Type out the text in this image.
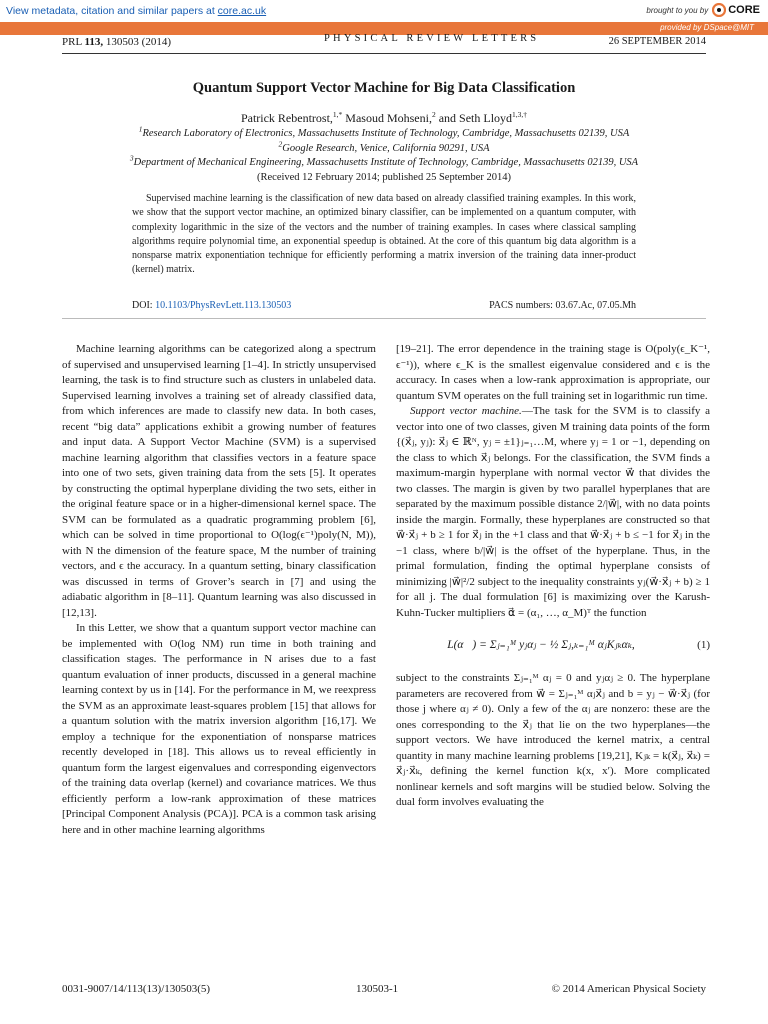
View metadata, citation and similar papers at core.ac.uk	brought to you by CORE
provided by DSpace@MIT
PRL 113, 130503 (2014)	PHYSICAL REVIEW LETTERS	26 SEPTEMBER 2014
Quantum Support Vector Machine for Big Data Classification
Patrick Rebentrost,$^{1,*}$ Masoud Mohseni,$^2$ and Seth Lloyd$^{1,3,\dagger}$
$^1$Research Laboratory of Electronics, Massachusetts Institute of Technology, Cambridge, Massachusetts 02139, USA
$^2$Google Research, Venice, California 90291, USA
$^3$Department of Mechanical Engineering, Massachusetts Institute of Technology, Cambridge, Massachusetts 02139, USA
(Received 12 February 2014; published 25 September 2014)
Supervised machine learning is the classification of new data based on already classified training examples. In this work, we show that the support vector machine, an optimized binary classifier, can be implemented on a quantum computer, with complexity logarithmic in the size of the vectors and the number of training examples. In cases where classical sampling algorithms require polynomial time, an exponential speedup is obtained. At the core of this quantum big data algorithm is a nonsparse matrix exponentiation technique for efficiently performing a matrix inversion of the training data inner-product (kernel) matrix.
DOI: 10.1103/PhysRevLett.113.130503	PACS numbers: 03.67.Ac, 07.05.Mh

Machine learning algorithms can be categorized along a spectrum of supervised and unsupervised learning [1–4]. In strictly unsupervised learning, the task is to find structure such as clusters in unlabeled data. Supervised learning involves a training set of already classified data, from which inferences are made to classify new data. In both cases, recent “big data” applications exhibit a growing number of features and input data. A Support Vector Machine (SVM) is a supervised machine learning algorithm that classifies vectors in a feature space into one of two sets, given training data from the sets [5]. It operates by constructing the optimal hyperplane dividing the two sets, either in the original feature space or in a higher-dimensional kernel space. The SVM can be formulated as a quadratic programming problem [6], which can be solved in time proportional to O(log(ϵ⁻¹)poly(N, M)), with N the dimension of the feature space, M the number of training vectors, and ϵ the accuracy. In a quantum setting, binary classification was discussed in terms of Grover’s search in [7] and using the adiabatic algorithm in [8–11]. Quantum learning was also discussed in [12,13].

In this Letter, we show that a quantum support vector machine can be implemented with O(log NM) run time in both training and classification stages. The performance in N arises due to a fast quantum evaluation of inner products, discussed in a general machine learning context by us in [14]. For the performance in M, we reexpress the SVM as an approximate least-squares problem [15] that allows for a quantum solution with the matrix inversion algorithm [16,17]. We employ a technique for the exponentiation of nonsparse matrices recently developed in [18]. This allows us to reveal efficiently in quantum form the largest eigenvalues and corresponding eigenvectors of the training data overlap (kernel) and covariance matrices. We thus efficiently perform a low-rank approximation of these matrices [Principal Component Analysis (PCA)]. PCA is a common task arising here and in other machine learning algorithms

[19–21]. The error dependence in the training stage is O(poly(ϵ_K⁻¹, ϵ⁻¹)), where ϵ_K is the smallest eigenvalue considered and ϵ is the accuracy. In cases when a low-rank approximation is appropriate, our quantum SVM operates on the full training set in logarithmic run time.

Support vector machine.—The task for the SVM is to classify a vector into one of two classes, given M training data points of the form {(x⃗ⱼ, yⱼ): x⃗ⱼ ∈ ℝᴺ, yⱼ = ±1}ⱼ₌₁…M, where yⱼ = 1 or −1, depending on the class to which x⃗ⱼ belongs. For the classification, the SVM finds a maximum-margin hyperplane with normal vector w⃗ that divides the two classes. The margin is given by two parallel hyperplanes that are separated by the maximum possible distance 2/|w⃗|, with no data points inside the margin. Formally, these hyperplanes are constructed so that w⃗·x⃗ⱼ + b ≥ 1 for x⃗ⱼ in the +1 class and that w⃗·x⃗ⱼ + b ≤ −1 for x⃗ⱼ in the −1 class, where b/|w⃗| is the offset of the hyperplane. Thus, in the primal formulation, finding the optimal hyperplane consists of minimizing |w⃗|²/2 subject to the inequality constraints yⱼ(w⃗·x⃗ⱼ + b) ≥ 1 for all j. The dual formulation [6] is maximizing over the Karush-Kuhn-Tucker multipliers α⃗ = (α₁, …, α_M)ᵀ the function

L(α⃗) = Σⱼ₌₁ᴹ yⱼαⱼ − ½ Σⱼ,ₖ₌₁ᴹ αⱼKⱼₖαₖ,	(1)

subject to the constraints Σⱼ₌₁ᴹ αⱼ = 0 and yⱼαⱼ ≥ 0. The hyperplane parameters are recovered from w⃗ = Σⱼ₌₁ᴹ αⱼx⃗ⱼ and b = yⱼ − w⃗·x⃗ⱼ (for those j where αⱼ ≠ 0). Only a few of the αⱼ are nonzero: these are the ones corresponding to the x⃗ⱼ that lie on the two hyperplanes—the support vectors. We have introduced the kernel matrix, a central quantity in many machine learning problems [19,21], Kⱼₖ = k(x⃗ⱼ, x⃗ₖ) = x⃗ⱼ·x⃗ₖ, defining the kernel function k(x, x′). More complicated nonlinear kernels and soft margins will be studied below. Solving the dual form involves evaluating the

0031-9007/14/113(13)/130503(5)	130503-1	© 2014 American Physical Society
